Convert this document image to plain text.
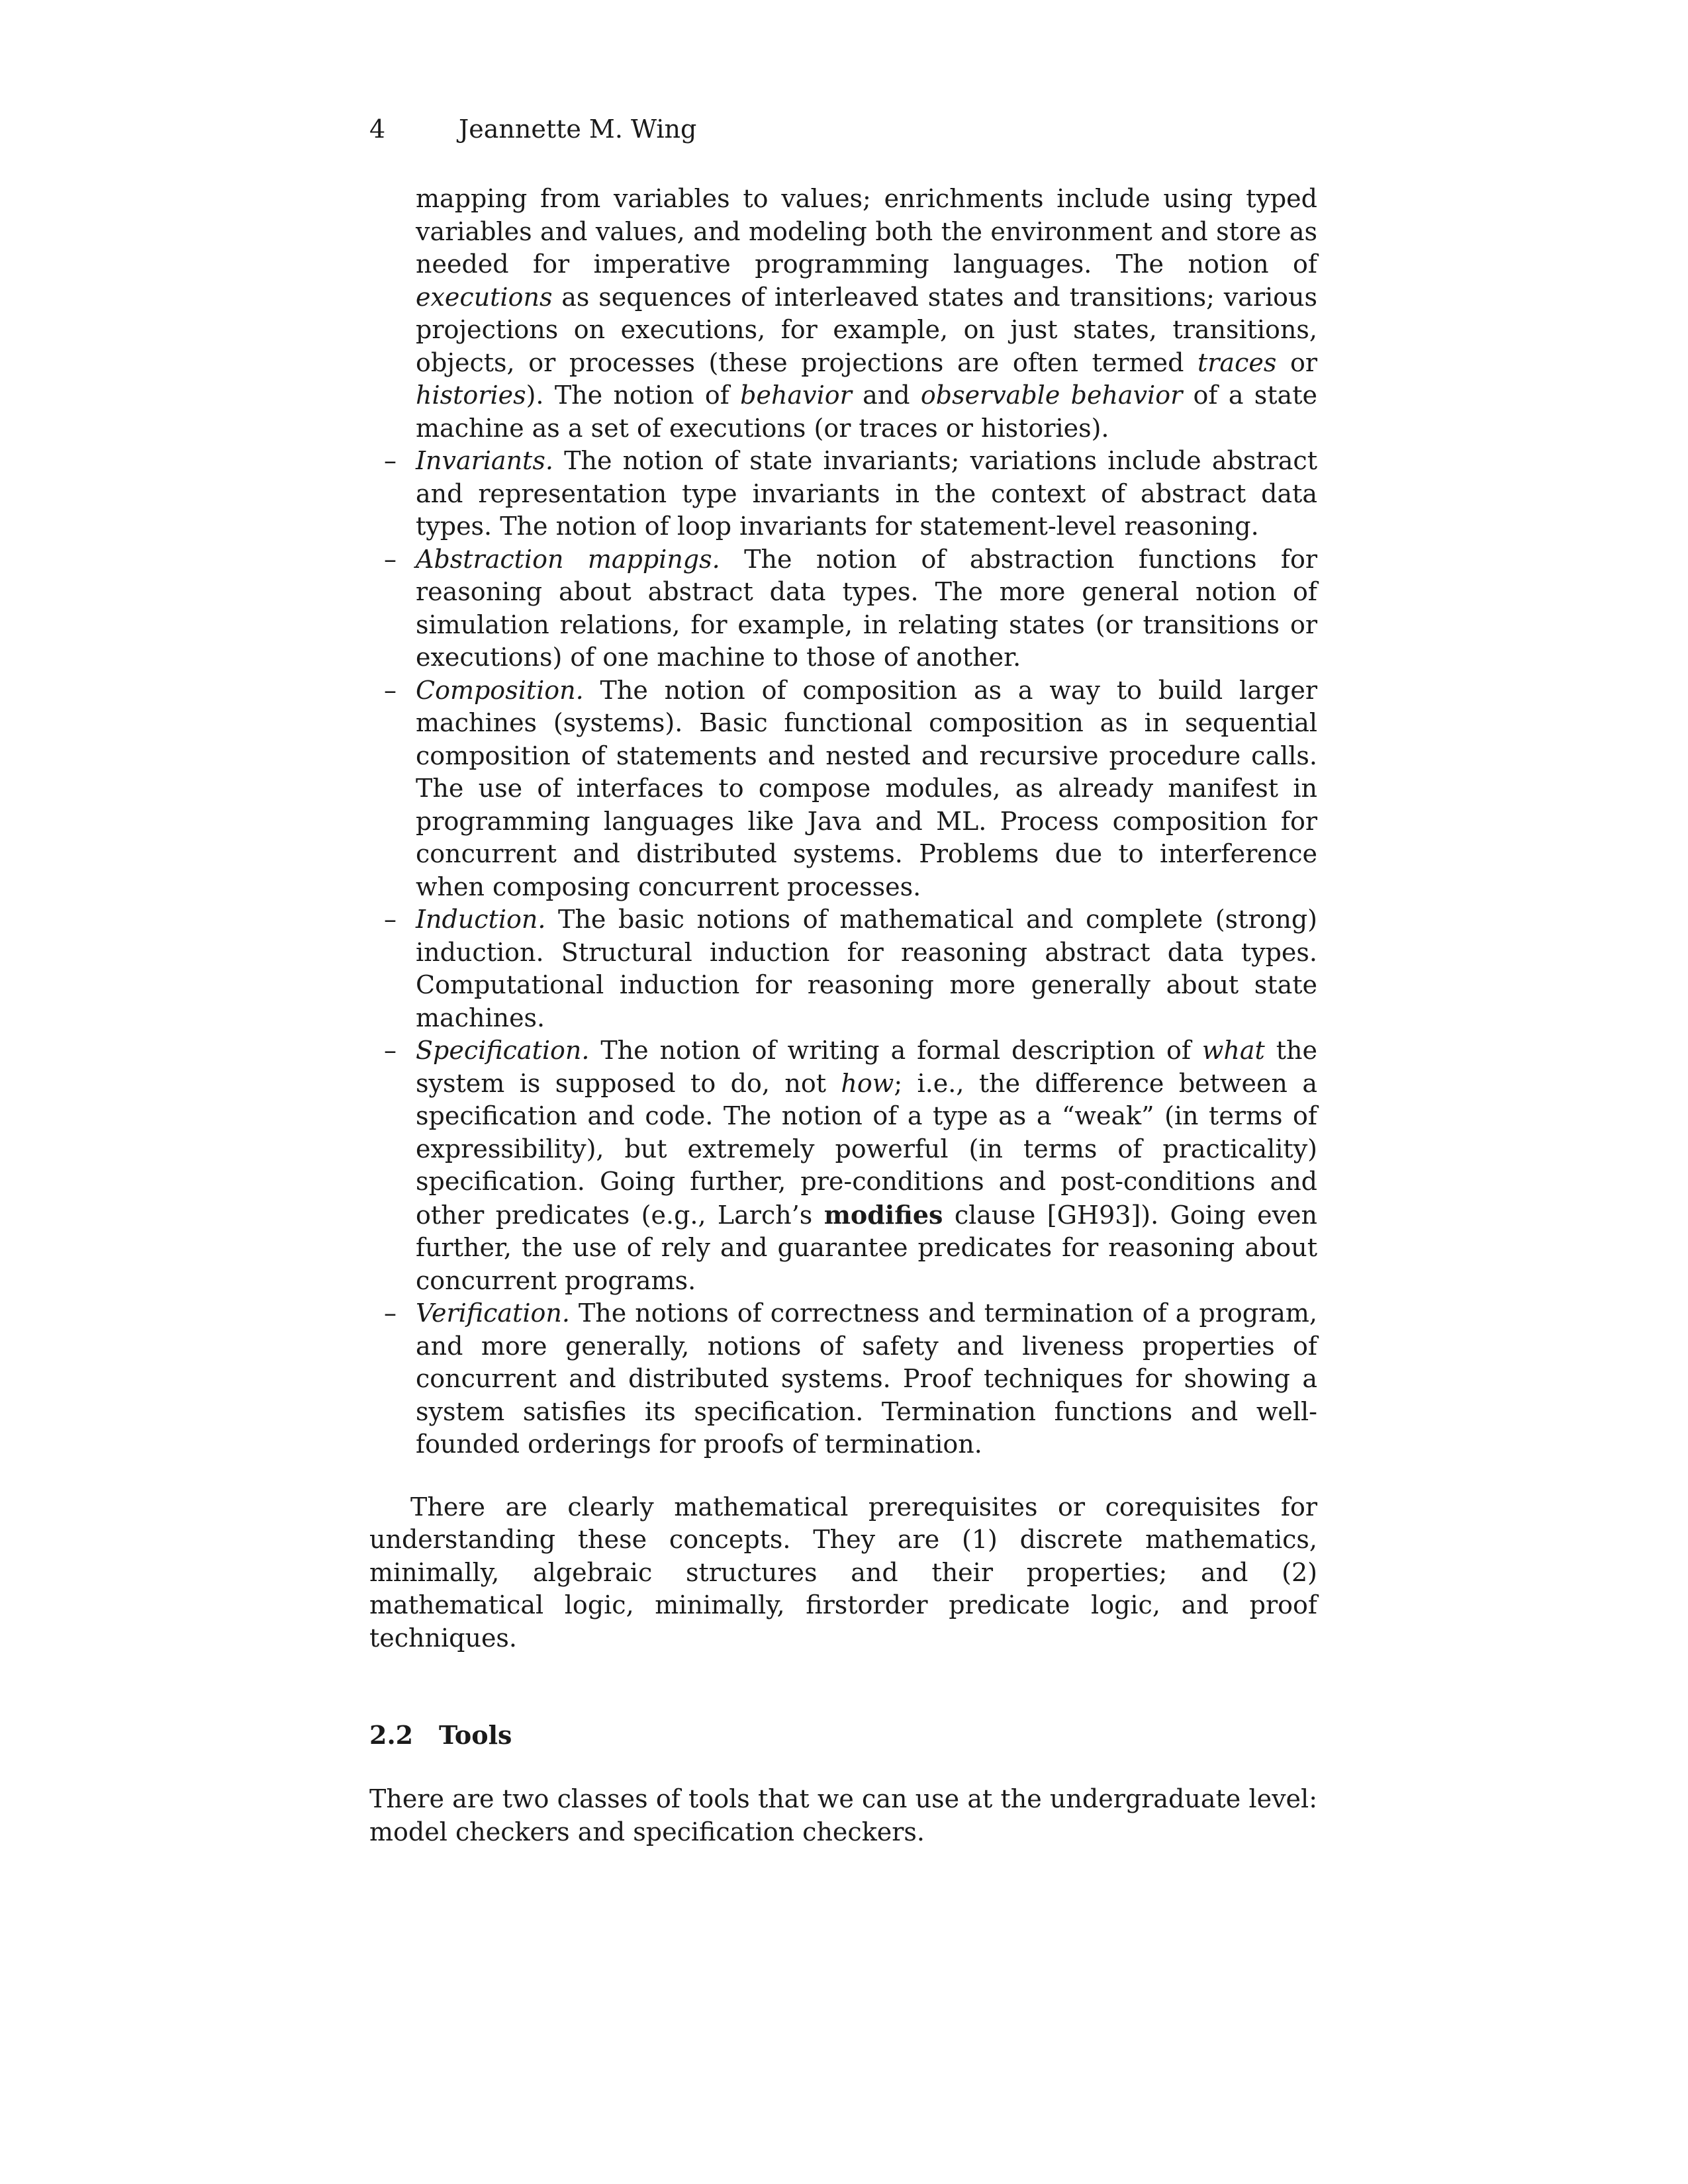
4	Jeannette M. Wing
mapping from variables to values; enrichments include using typed variables and values, and modeling both the environment and store as needed for imperative programming languages. The notion of executions as sequences of interleaved states and transitions; various projections on executions, for example, on just states, transitions, objects, or processes (these projections are often termed traces or histories). The notion of behavior and observable behavior of a state machine as a set of executions (or traces or histories).
– Invariants. The notion of state invariants; variations include abstract and representation type invariants in the context of abstract data types. The notion of loop invariants for statement-level reasoning.
– Abstraction mappings. The notion of abstraction functions for reasoning about abstract data types. The more general notion of simulation relations, for example, in relating states (or transitions or executions) of one machine to those of another.
– Composition. The notion of composition as a way to build larger machines (systems). Basic functional composition as in sequential composition of statements and nested and recursive procedure calls. The use of interfaces to compose modules, as already manifest in programming languages like Java and ML. Process composition for concurrent and distributed systems. Problems due to interference when composing concurrent processes.
– Induction. The basic notions of mathematical and complete (strong) induction. Structural induction for reasoning abstract data types. Computational induction for reasoning more generally about state machines.
– Specification. The notion of writing a formal description of what the system is supposed to do, not how; i.e., the difference between a specification and code. The notion of a type as a “weak” (in terms of expressibility), but extremely powerful (in terms of practicality) specification. Going further, pre-conditions and post-conditions and other predicates (e.g., Larch’s modifies clause [GH93]). Going even further, the use of rely and guarantee predicates for reasoning about concurrent programs.
– Verification. The notions of correctness and termination of a program, and more generally, notions of safety and liveness properties of concurrent and distributed systems. Proof techniques for showing a system satisfies its specification. Termination functions and well-founded orderings for proofs of termination.

There are clearly mathematical prerequisites or corequisites for understanding these concepts. They are (1) discrete mathematics, minimally, algebraic structures and their properties; and (2) mathematical logic, minimally, firstorder predicate logic, and proof techniques.

2.2 Tools

There are two classes of tools that we can use at the undergraduate level: model checkers and specification checkers.
